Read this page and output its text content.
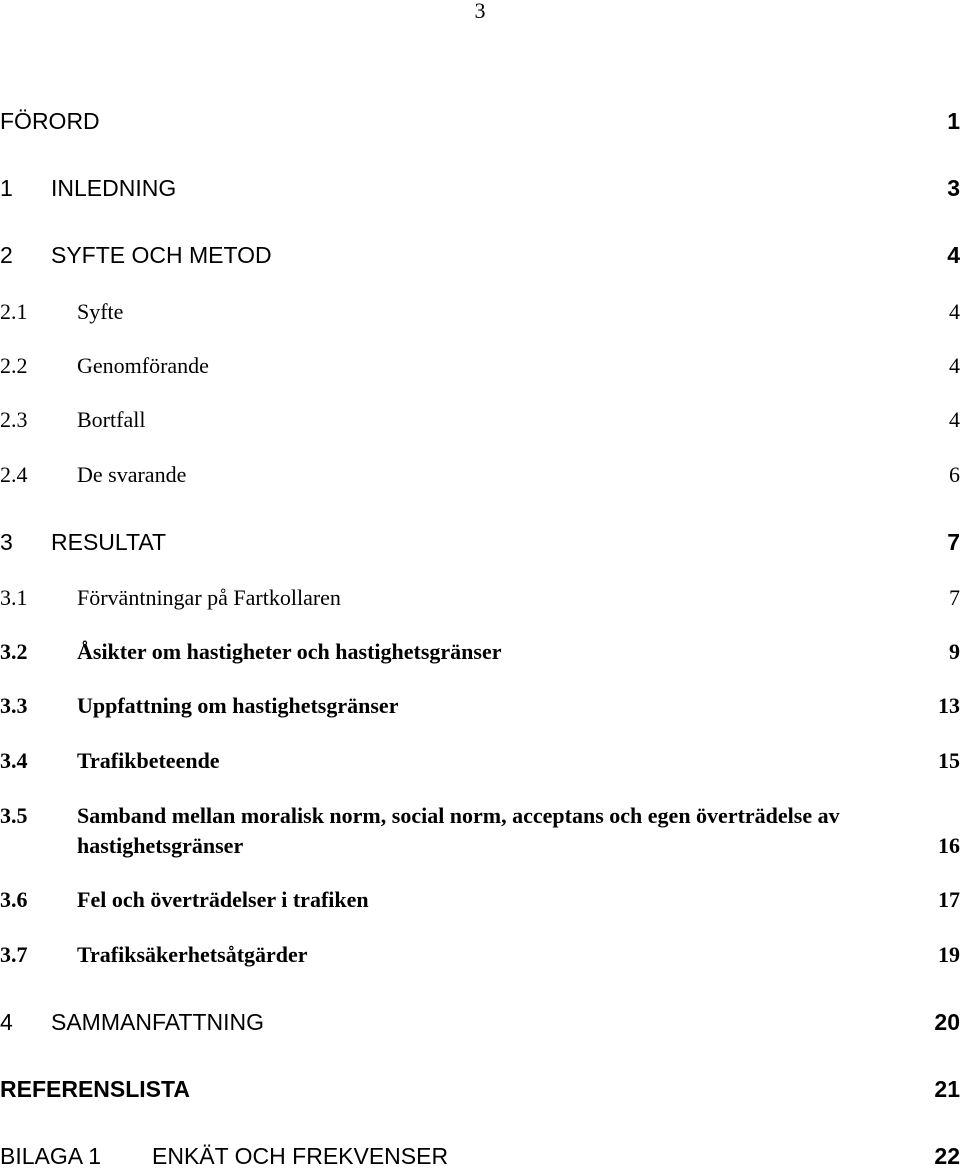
3
FÖRORD	1
1 INLEDNING	3
2 SYFTE OCH METOD	4
2.1 Syfte	4
2.2 Genomförande	4
2.3 Bortfall	4
2.4 De svarande	6
3 RESULTAT	7
3.1 Förväntningar på Fartkollaren	7
3.2 Åsikter om hastigheter och hastighetsgränser	9
3.3 Uppfattning om hastighetsgränser	13
3.4 Trafikbeteende	15
3.5 Samband mellan moralisk norm, social norm, acceptans och egen överträdelse av
hastighetsgränser	16
3.6 Fel och överträdelser i trafiken	17
3.7 Trafiksäkerhetsåtgärder	19
4 SAMMANFATTNING	20
REFERENSLISTA	21
BILAGA 1 ENKÄT OCH FREKVENSER	22
